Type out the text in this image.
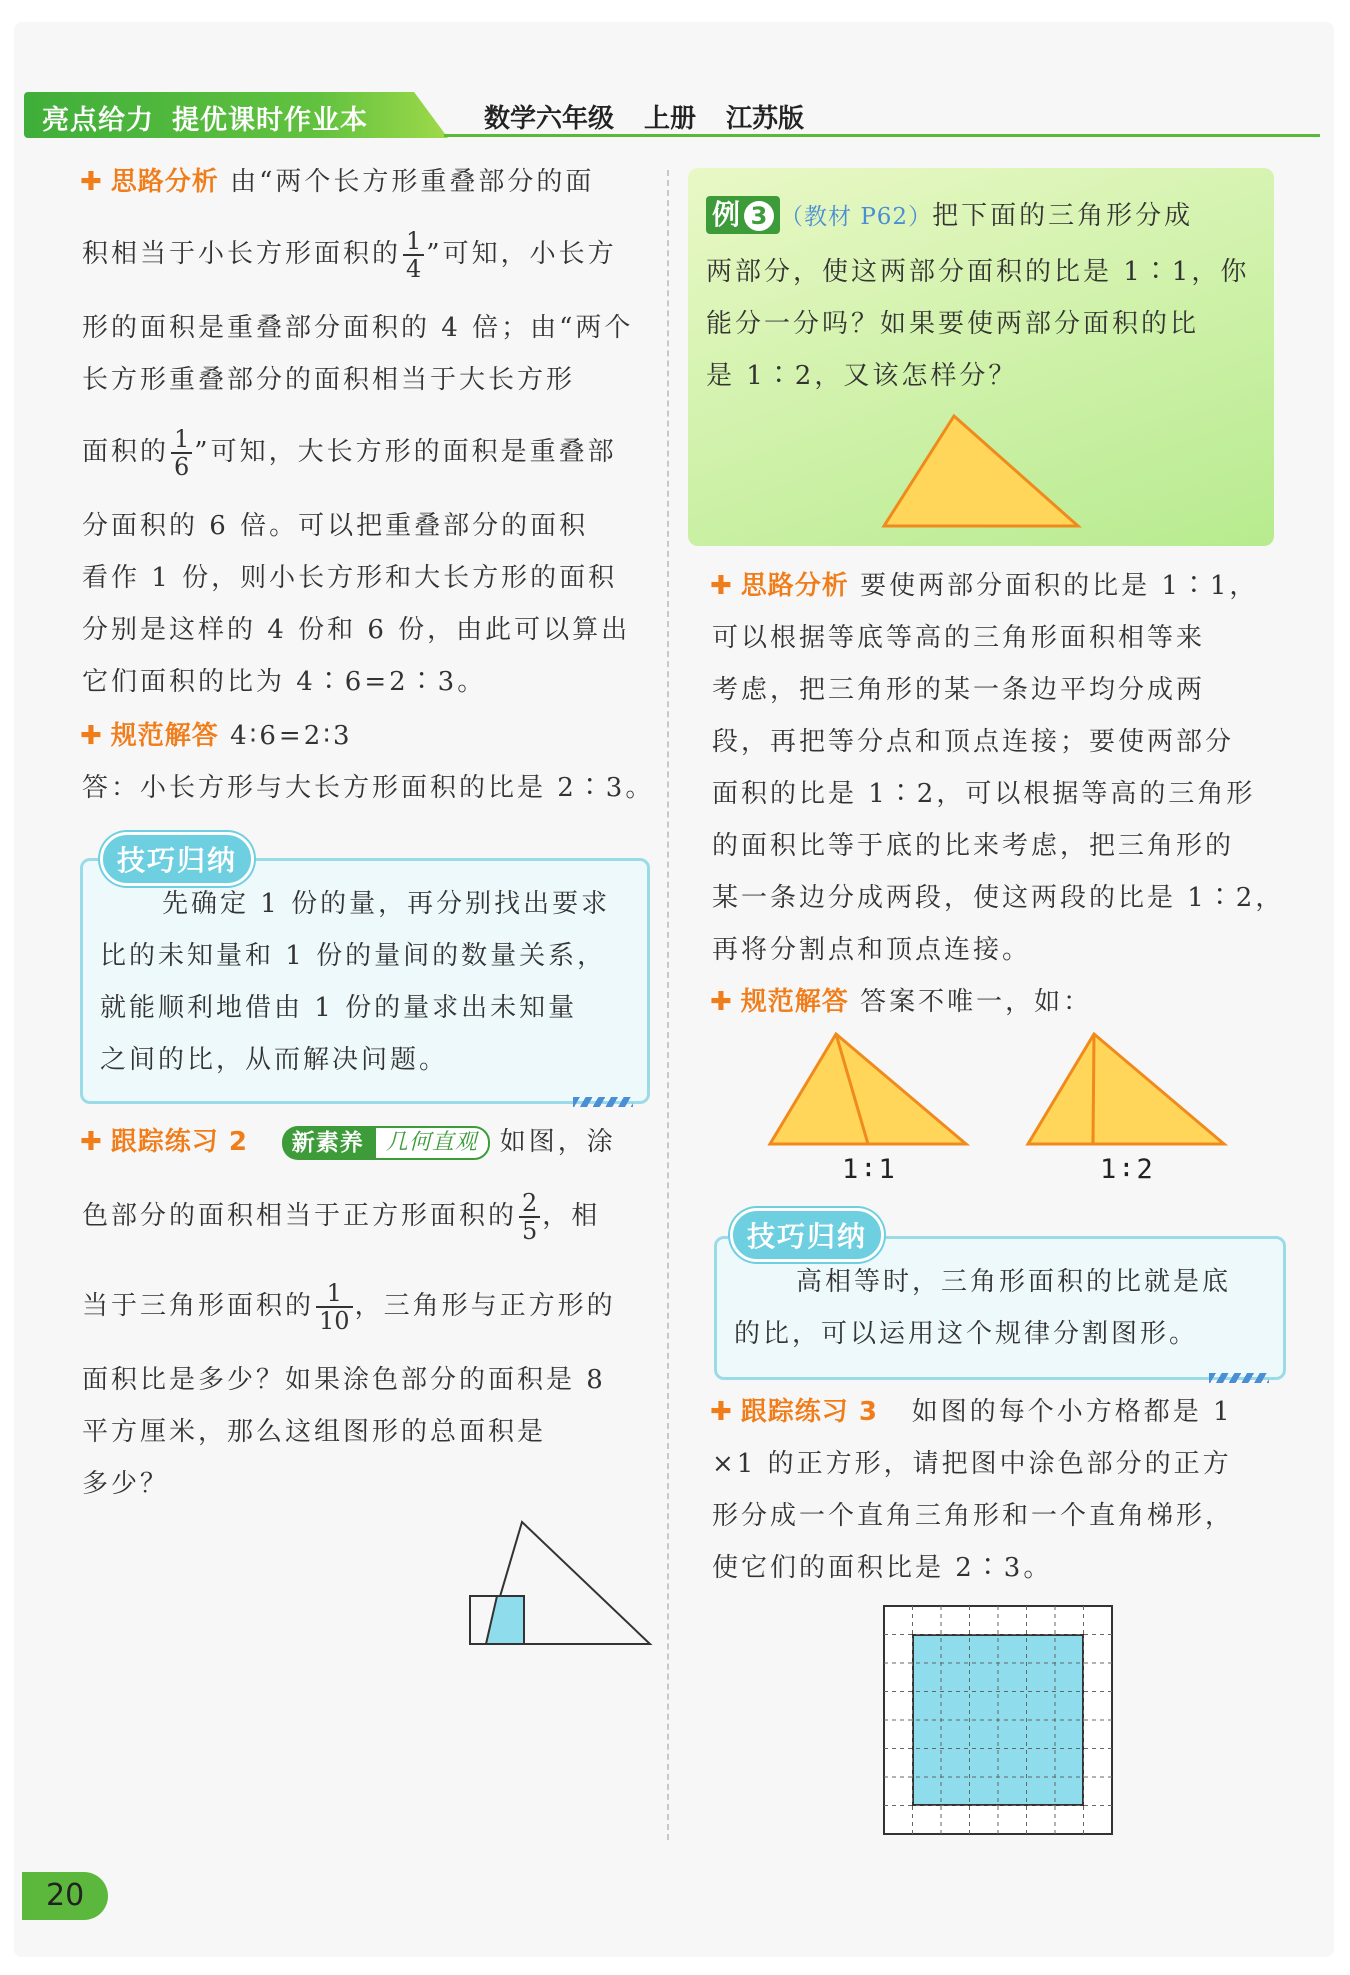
亮点给力 提优课时作业本	数学六年级 上册 江苏版
✚ 思路分析 由“两个长方形重叠部分的面
积相当于小长方形面积的 $\frac{1}{4}$ ”可知，小长方
形的面积是重叠部分面积的 4 倍；由“两个
长方形重叠部分的面积相当于大长方形
面积的 $\frac{1}{6}$ ”可知，大长方形的面积是重叠部
分面积的 6 倍。可以把重叠部分的面积
看作 1 份，则小长方形和大长方形的面积
分别是这样的 4 份和 6 份，由此可以算出
它们面积的比为 4∶6=2∶3。
✚ 规范解答 4∶6=2∶3
答：小长方形与大长方形面积的比是 2∶3。
技巧归纳
先确定 1 份的量，再分别找出要求
比的未知量和 1 份的量间的数量关系，
就能顺利地借由 1 份的量求出未知量
之间的比，从而解决问题。
✚ 跟踪练习 2 新素养 几何直观 如图，涂
色部分的面积相当于正方形面积的 $\frac{2}{5}$ ，相
当于三角形面积的 $\frac{1}{10}$ ，三角形与正方形的
面积比是多少？如果涂色部分的面积是 8
平方厘米，那么这组图形的总面积是
多少？
例 3 （教材 P62）把下面的三角形分成
两部分，使这两部分面积的比是 1∶1，你
能分一分吗？如果要使两部分面积的比
是 1∶2，又该怎样分？
✚ 思路分析 要使两部分面积的比是 1∶1，
可以根据等底等高的三角形面积相等来
考虑，把三角形的某一条边平均分成两
段，再把等分点和顶点连接；要使两部分
面积的比是 1∶2，可以根据等高的三角形
的面积比等于底的比来考虑，把三角形的
某一条边分成两段，使这两段的比是 1∶2，
再将分割点和顶点连接。
✚ 规范解答 答案不唯一，如：
1∶1	1∶2
技巧归纳
高相等时，三角形面积的比就是底
的比，可以运用这个规律分割图形。
✚ 跟踪练习 3 如图的每个小方格都是 1
×1 的正方形，请把图中涂色部分的正方
形分成一个直角三角形和一个直角梯形，
使它们的面积比是 2∶3。
20
